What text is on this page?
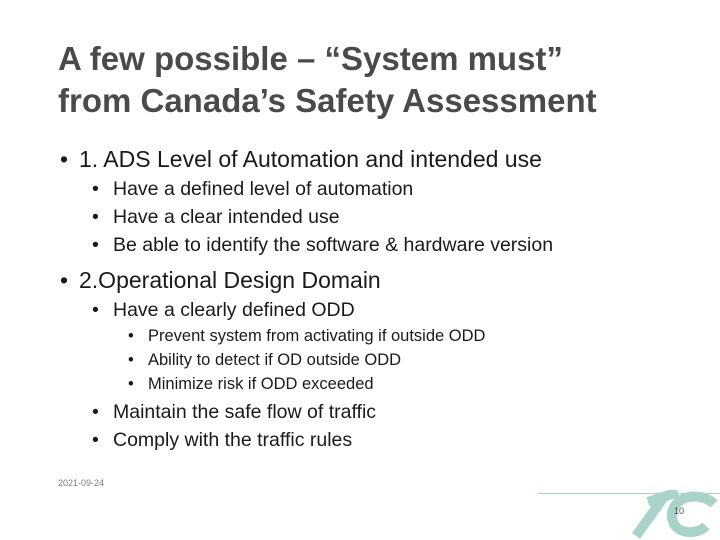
A few possible – “System must”
from Canada’s Safety Assessment
• 1. ADS Level of Automation and intended use
• Have a defined level of automation
• Have a clear intended use
• Be able to identify the software & hardware version
• 2.Operational Design Domain
• Have a clearly defined ODD
• Prevent system from activating if outside ODD
• Ability to detect if OD outside ODD
• Minimize risk if ODD exceeded
• Maintain the safe flow of traffic
• Comply with the traffic rules
2021-09-24
10
